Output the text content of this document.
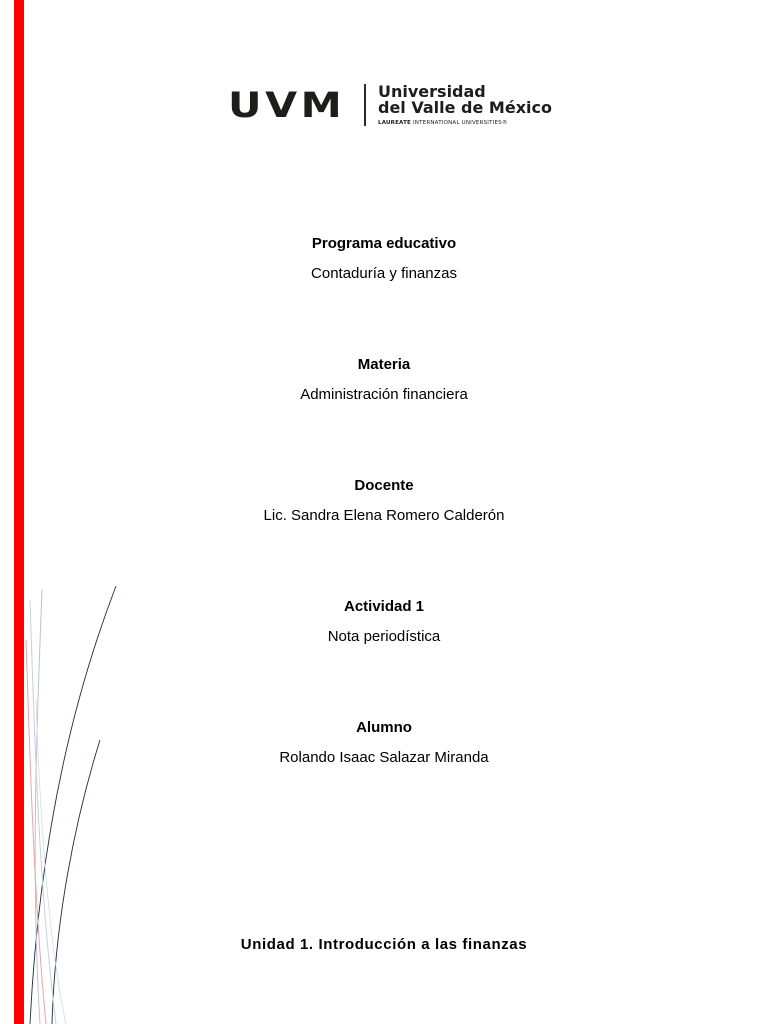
UVM Universidad
del Valle de México
LAUREATE INTERNATIONAL UNIVERSITIES®
Programa educativo
Contaduría y finanzas
Materia
Administración financiera
Docente
Lic. Sandra Elena Romero Calderón
Actividad 1
Nota periodística
Alumno
Rolando Isaac Salazar Miranda
Unidad 1. Introducción a las finanzas
